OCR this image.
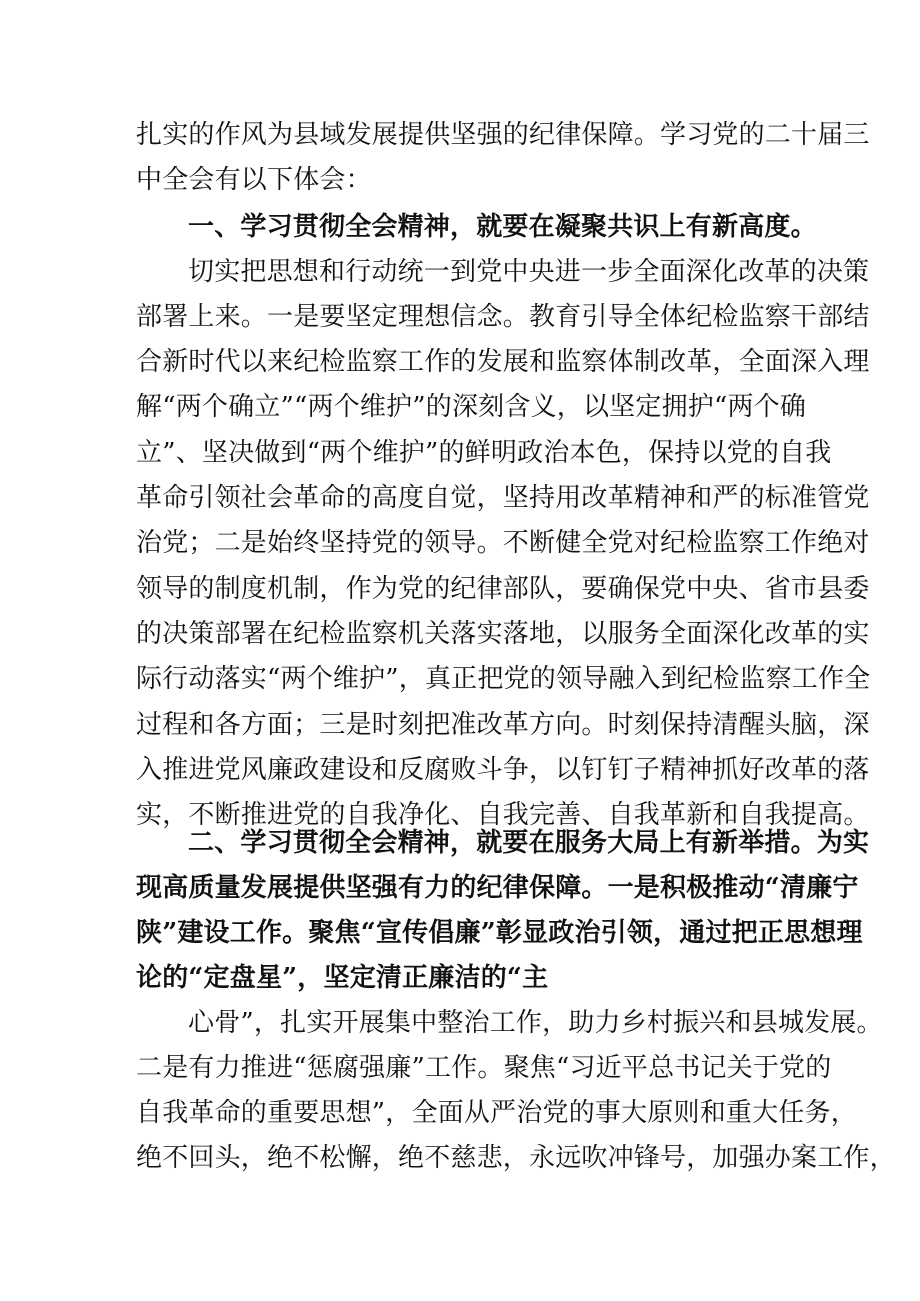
扎实的作风为县域发展提供坚强的纪律保障。学习党的二十届三
中全会有以下体会：
一、学习贯彻全会精神，就要在凝聚共识上有新高度。
切实把思想和行动统一到党中央进一步全面深化改革的决策
部署上来。一是要坚定理想信念。教育引导全体纪检监察干部结
合新时代以来纪检监察工作的发展和监察体制改革，全面深入理
解“两个确立”“两个维护”的深刻含义，以坚定拥护“两个确
立”、坚决做到“两个维护”的鲜明政治本色，保持以党的自我
革命引领社会革命的高度自觉，坚持用改革精神和严的标准管党
治党；二是始终坚持党的领导。不断健全党对纪检监察工作绝对
领导的制度机制，作为党的纪律部队，要确保党中央、省市县委
的决策部署在纪检监察机关落实落地，以服务全面深化改革的实
际行动落实“两个维护”，真正把党的领导融入到纪检监察工作全
过程和各方面；三是时刻把准改革方向。时刻保持清醒头脑，深
入推进党风廉政建设和反腐败斗争，以钉钉子精神抓好改革的落
实，不断推进党的自我净化、自我完善、自我革新和自我提高。
二、学习贯彻全会精神，就要在服务大局上有新举措。为实
现高质量发展提供坚强有力的纪律保障。一是积极推动“清廉宁
陕”建设工作。聚焦“宣传倡廉”彰显政治引领，通过把正思想理
论的“定盘星”，坚定清正廉洁的“主
心骨”，扎实开展集中整治工作，助力乡村振兴和县城发展。
二是有力推进“惩腐强廉”工作。聚焦“习近平总书记关于党的
自我革命的重要思想”，全面从严治党的事大原则和重大任务，
绝不回头，绝不松懈，绝不慈悲，永远吹冲锋号，加强办案工作，
